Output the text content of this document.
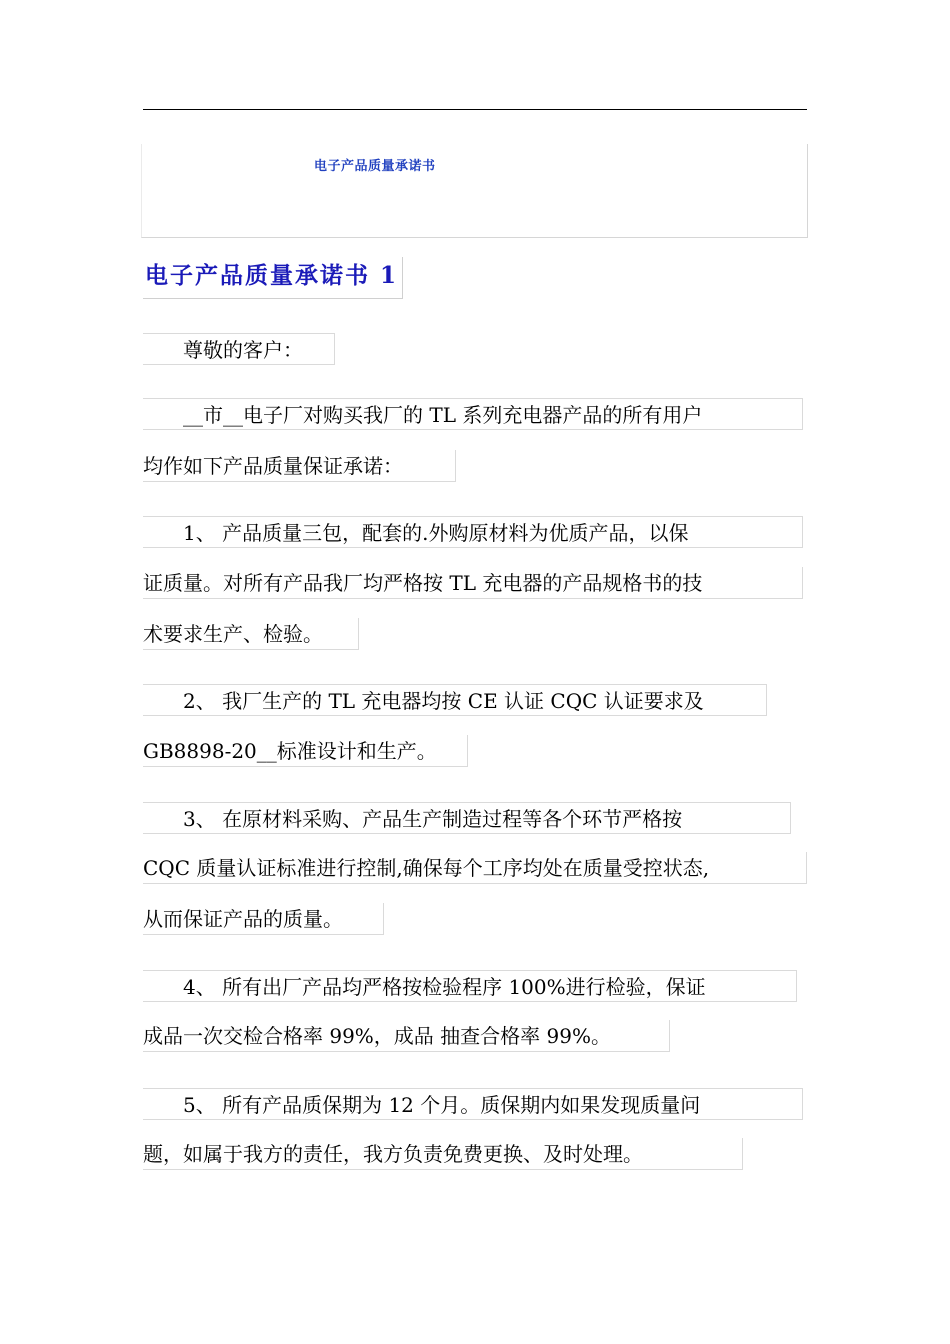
电子产品质量承诺书
电子产品质量承诺书 1
　　尊敬的客户：
　　__市__电子厂对购买我厂的 TL 系列充电器产品的所有用户
均作如下产品质量保证承诺：
　　1、 产品质量三包，配套的.外购原材料为优质产品，以保
证质量。对所有产品我厂均严格按 TL 充电器的产品规格书的技
术要求生产、检验。
　　2、 我厂生产的 TL 充电器均按 CE 认证 CQC 认证要求及
GB8898-20__标准设计和生产。
　　3、 在原材料采购、产品生产制造过程等各个环节严格按
CQC 质量认证标准进行控制,确保每个工序均处在质量受控状态,
从而保证产品的质量。
　　4、 所有出厂产品均严格按检验程序 100%进行检验，保证
成品一次交检合格率 99%，成品 抽查合格率 99%。
　　5、 所有产品质保期为 12 个月。质保期内如果发现质量问
题，如属于我方的责任，我方负责免费更换、及时处理。
